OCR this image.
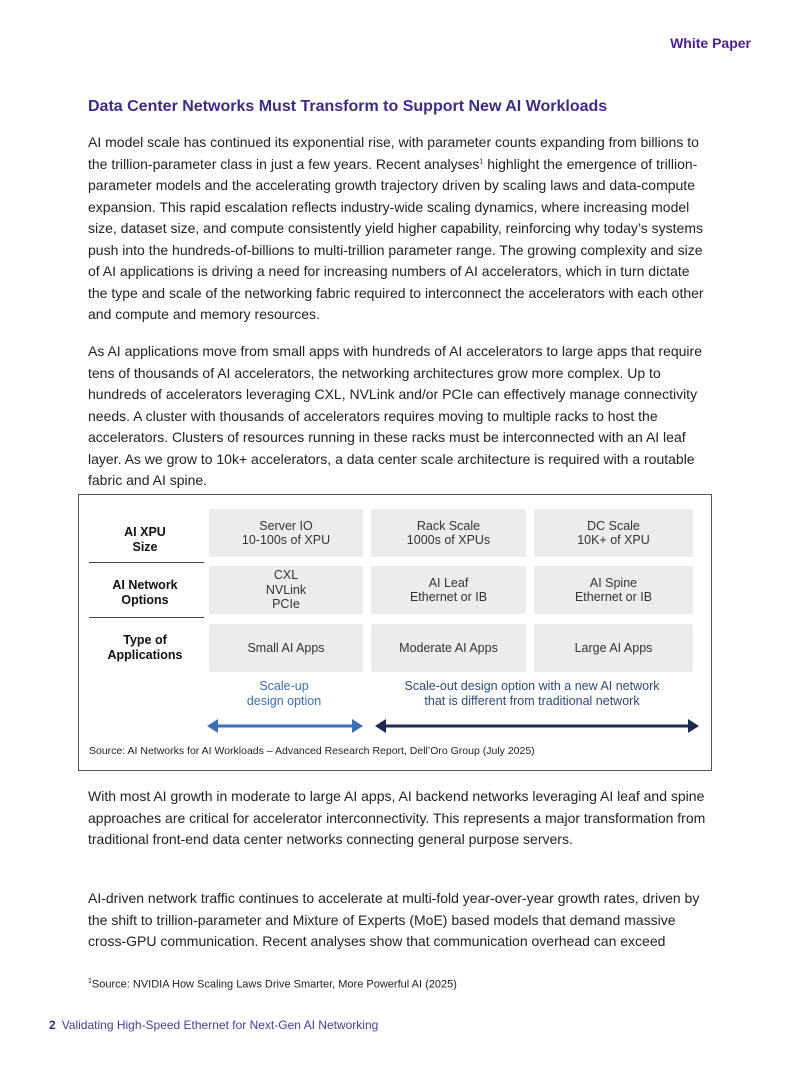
White Paper
Data Center Networks Must Transform to Support New AI Workloads

AI model scale has continued its exponential rise, with parameter counts expanding from billions to the trillion-parameter class in just a few years. Recent analyses$^1$ highlight the emergence of trillion-parameter models and the accelerating growth trajectory driven by scaling laws and data-compute expansion. This rapid escalation reflects industry-wide scaling dynamics, where increasing model size, dataset size, and compute consistently yield higher capability, reinforcing why today’s systems push into the hundreds-of-billions to multi-trillion parameter range. The growing complexity and size of AI applications is driving a need for increasing numbers of AI accelerators, which in turn dictate the type and scale of the networking fabric required to interconnect the accelerators with each other and compute and memory resources.

As AI applications move from small apps with hundreds of AI accelerators to large apps that require tens of thousands of AI accelerators, the networking architectures grow more complex. Up to hundreds of accelerators leveraging CXL, NVLink and/or PCIe can effectively manage connectivity needs. A cluster with thousands of accelerators requires moving to multiple racks to host the accelerators. Clusters of resources running in these racks must be interconnected with an AI leaf layer. As we grow to 10k+ accelerators, a data center scale architecture is required with a routable fabric and AI spine.

AI XPU
Size
Server IO
10-100s of XPU
Rack Scale
1000s of XPUs
DC Scale
10K+ of XPU
AI Network
Options
CXL
NVLink
PCIe
AI Leaf
Ethernet or IB
AI Spine
Ethernet or IB
Type of
Applications
Small AI Apps	Moderate AI Apps	Large AI Apps
Scale-up
design option
Scale-out design option with a new AI network
that is different from traditional network
Source: AI Networks for AI Workloads – Advanced Research Report, Dell’Oro Group (July 2025)

With most AI growth in moderate to large AI apps, AI backend networks leveraging AI leaf and spine approaches are critical for accelerator interconnectivity. This represents a major transformation from traditional front-end data center networks connecting general purpose servers.

AI-driven network traffic continues to accelerate at multi-fold year-over-year growth rates, driven by the shift to trillion-parameter and Mixture of Experts (MoE) based models that demand massive cross-GPU communication. Recent analyses show that communication overhead can exceed

$^1$Source: NVIDIA How Scaling Laws Drive Smarter, More Powerful AI (2025)
2 Validating High-Speed Ethernet for Next-Gen AI Networking
